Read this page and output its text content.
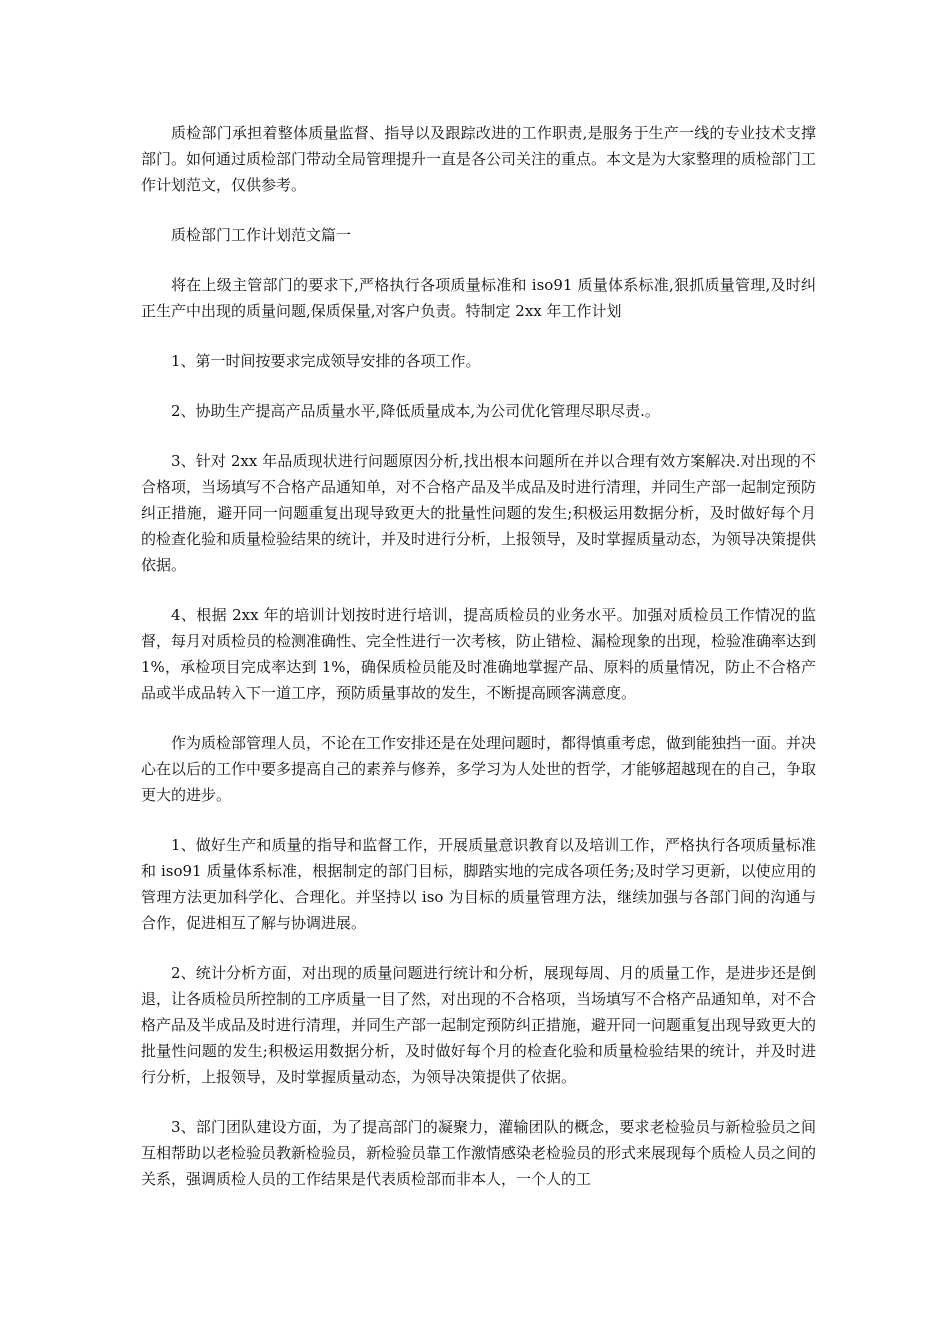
质检部门承担着整体质量监督、指导以及跟踪改进的工作职责,是服务于生产一线的专业技术支撑部门。如何通过质检部门带动全局管理提升一直是各公司关注的重点。本文是为大家整理的质检部门工作计划范文，仅供参考。

质检部门工作计划范文篇一

将在上级主管部门的要求下,严格执行各项质量标准和 iso91 质量体系标准,狠抓质量管理,及时纠正生产中出现的质量问题,保质保量,对客户负责。特制定 2xx 年工作计划

1、第一时间按要求完成领导安排的各项工作。

2、协助生产提高产品质量水平,降低质量成本,为公司优化管理尽职尽责.。

3、针对 2xx 年品质现状进行问题原因分析,找出根本问题所在并以合理有效方案解决.对出现的不合格项，当场填写不合格产品通知单，对不合格产品及半成品及时进行清理，并同生产部一起制定预防纠正措施，避开同一问题重复出现导致更大的批量性问题的发生;积极运用数据分析，及时做好每个月的检查化验和质量检验结果的统计，并及时进行分析，上报领导，及时掌握质量动态，为领导决策提供依据。

4、根据 2xx 年的培训计划按时进行培训，提高质检员的业务水平。加强对质检员工作情况的监督，每月对质检员的检测准确性、完全性进行一次考核，防止错检、漏检现象的出现，检验准确率达到 1%，承检项目完成率达到 1%，确保质检员能及时准确地掌握产品、原料的质量情况，防止不合格产品或半成品转入下一道工序，预防质量事故的发生，不断提高顾客满意度。

作为质检部管理人员，不论在工作安排还是在处理问题时，都得慎重考虑，做到能独挡一面。并决心在以后的工作中要多提高自己的素养与修养，多学习为人处世的哲学，才能够超越现在的自己，争取更大的进步。

1、做好生产和质量的指导和监督工作，开展质量意识教育以及培训工作，严格执行各项质量标准和 iso91 质量体系标准，根据制定的部门目标，脚踏实地的完成各项任务;及时学习更新，以使应用的管理方法更加科学化、合理化。并坚持以 iso 为目标的质量管理方法，继续加强与各部门间的沟通与合作，促进相互了解与协调进展。

2、统计分析方面，对出现的质量问题进行统计和分析，展现每周、月的质量工作，是进步还是倒退，让各质检员所控制的工序质量一目了然，对出现的不合格项，当场填写不合格产品通知单，对不合格产品及半成品及时进行清理，并同生产部一起制定预防纠正措施，避开同一问题重复出现导致更大的批量性问题的发生;积极运用数据分析，及时做好每个月的检查化验和质量检验结果的统计，并及时进行分析，上报领导，及时掌握质量动态，为领导决策提供了依据。

3、部门团队建设方面，为了提高部门的凝聚力，灌输团队的概念，要求老检验员与新检验员之间互相帮助以老检验员教新检验员，新检验员靠工作激情感染老检验员的形式来展现每个质检人员之间的关系，强调质检人员的工作结果是代表质检部而非本人，一个人的工
